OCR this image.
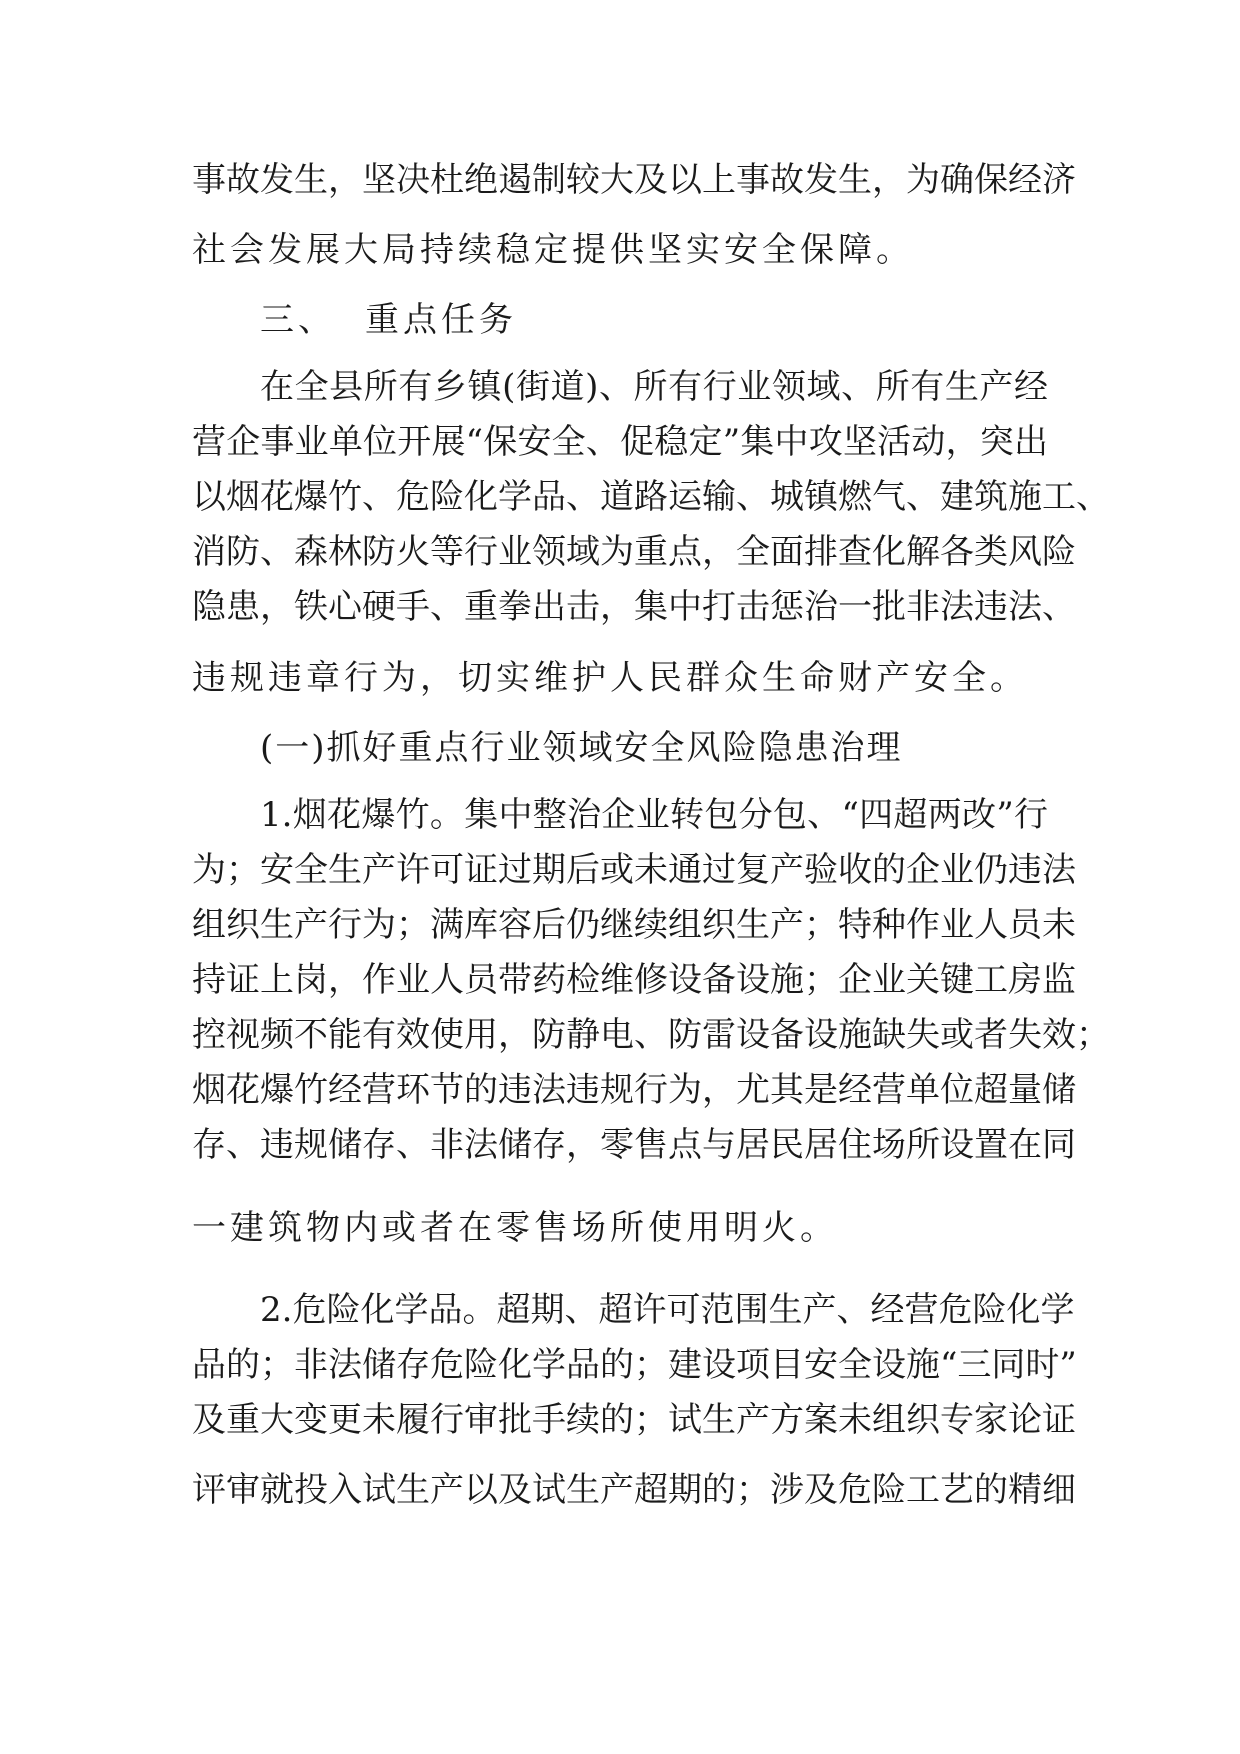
事故发生，坚决杜绝遏制较大及以上事故发生，为确保经济
社会发展大局持续稳定提供坚实安全保障。
三、 重点任务
在全县所有乡镇(街道)、所有行业领域、所有生产经
营企事业单位开展“保安全、促稳定”集中攻坚活动，突出
以烟花爆竹、危险化学品、道路运输、城镇燃气、建筑施工、
消防、森林防火等行业领域为重点，全面排查化解各类风险
隐患，铁心硬手、重拳出击，集中打击惩治一批非法违法、
违规违章行为，切实维护人民群众生命财产安全。
(一)抓好重点行业领域安全风险隐患治理
1.烟花爆竹。集中整治企业转包分包、“四超两改”行
为；安全生产许可证过期后或未通过复产验收的企业仍违法
组织生产行为；满库容后仍继续组织生产；特种作业人员未
持证上岗，作业人员带药检维修设备设施；企业关键工房监
控视频不能有效使用，防静电、防雷设备设施缺失或者失效；
烟花爆竹经营环节的违法违规行为，尤其是经营单位超量储
存、违规储存、非法储存，零售点与居民居住场所设置在同
一建筑物内或者在零售场所使用明火。
2.危险化学品。超期、超许可范围生产、经营危险化学
品的；非法储存危险化学品的；建设项目安全设施“三同时”
及重大变更未履行审批手续的；试生产方案未组织专家论证
评审就投入试生产以及试生产超期的；涉及危险工艺的精细
